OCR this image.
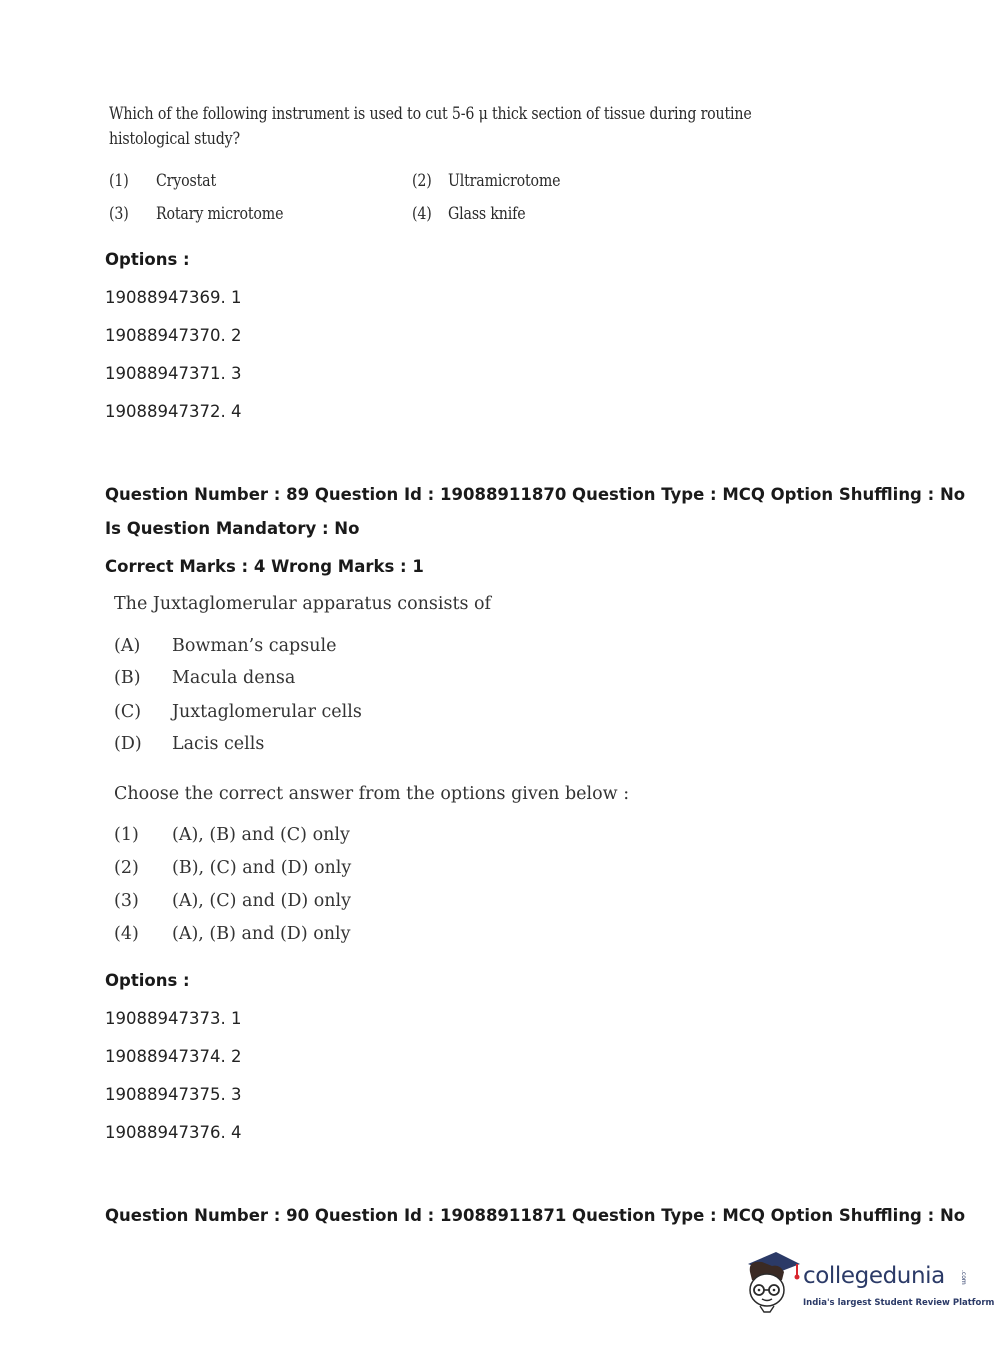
Which of the following instrument is used to cut 5-6 μ thick section of tissue during routine
histological study?
(1) Cryostat	(2) Ultramicrotome
(3) Rotary microtome	(4) Glass knife
Options :
19088947369. 1
19088947370. 2
19088947371. 3
19088947372. 4
Question Number : 89 Question Id : 19088911870 Question Type : MCQ Option Shuffling : No
Is Question Mandatory : No
Correct Marks : 4 Wrong Marks : 1
The Juxtaglomerular apparatus consists of
(A) Bowman’s capsule
(B) Macula densa
(C) Juxtaglomerular cells
(D) Lacis cells
Choose the correct answer from the options given below :
(1) (A), (B) and (C) only
(2) (B), (C) and (D) only
(3) (A), (C) and (D) only
(4) (A), (B) and (D) only
Options :
19088947373. 1
19088947374. 2
19088947375. 3
19088947376. 4
Question Number : 90 Question Id : 19088911871 Question Type : MCQ Option Shuffling : No
collegedunia	.com
India's largest Student Review Platform
